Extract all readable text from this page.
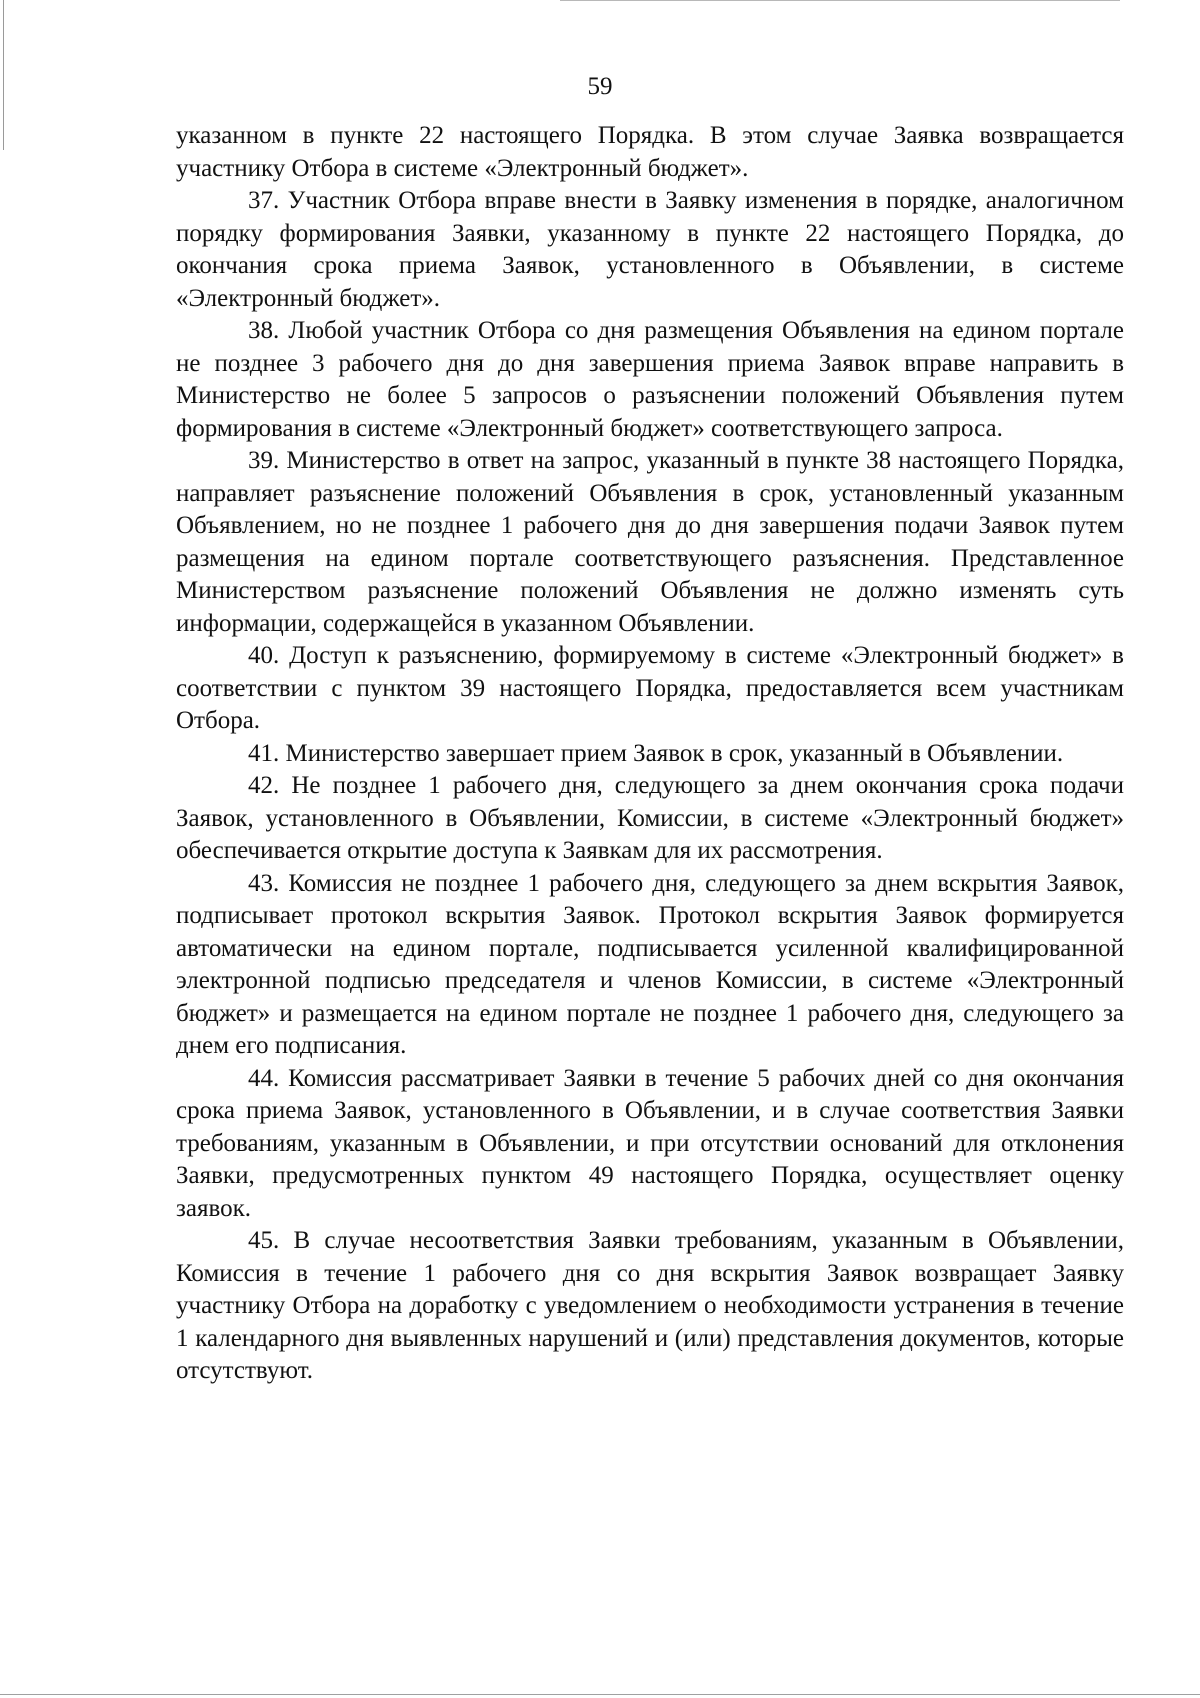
59

указанном в пункте 22 настоящего Порядка. В этом случае Заявка возвращается участнику Отбора в системе «Электронный бюджет».

37. Участник Отбора вправе внести в Заявку изменения в порядке, аналогичном порядку формирования Заявки, указанному в пункте 22 настоящего Порядка, до окончания срока приема Заявок, установленного в Объявлении, в системе «Электронный бюджет».

38. Любой участник Отбора со дня размещения Объявления на едином портале не позднее 3 рабочего дня до дня завершения приема Заявок вправе направить в Министерство не более 5 запросов о разъяснении положений Объявления путем формирования в системе «Электронный бюджет» соответствующего запроса.

39. Министерство в ответ на запрос, указанный в пункте 38 настоящего Порядка, направляет разъяснение положений Объявления в срок, установленный указанным Объявлением, но не позднее 1 рабочего дня до дня завершения подачи Заявок путем размещения на едином портале соответствующего разъяснения. Представленное Министерством разъяснение положений Объявления не должно изменять суть информации, содержащейся в указанном Объявлении.

40. Доступ к разъяснению, формируемому в системе «Электронный бюджет» в соответствии с пунктом 39 настоящего Порядка, предоставляется всем участникам Отбора.

41. Министерство завершает прием Заявок в срок, указанный в Объявлении.

42. Не позднее 1 рабочего дня, следующего за днем окончания срока подачи Заявок, установленного в Объявлении, Комиссии, в системе «Электронный бюджет» обеспечивается открытие доступа к Заявкам для их рассмотрения.

43. Комиссия не позднее 1 рабочего дня, следующего за днем вскрытия Заявок, подписывает протокол вскрытия Заявок. Протокол вскрытия Заявок формируется автоматически на едином портале, подписывается усиленной квалифицированной электронной подписью председателя и членов Комиссии, в системе «Электронный бюджет» и размещается на едином портале не позднее 1 рабочего дня, следующего за днем его подписания.

44. Комиссия рассматривает Заявки в течение 5 рабочих дней со дня окончания срока приема Заявок, установленного в Объявлении, и в случае соответствия Заявки требованиям, указанным в Объявлении, и при отсутствии оснований для отклонения Заявки, предусмотренных пунктом 49 настоящего Порядка, осуществляет оценку заявок.

45. В случае несоответствия Заявки требованиям, указанным в Объявлении, Комиссия в течение 1 рабочего дня со дня вскрытия Заявок возвращает Заявку участнику Отбора на доработку с уведомлением о необходимости устранения в течение 1 календарного дня выявленных нарушений и (или) представления документов, которые отсутствуют.
